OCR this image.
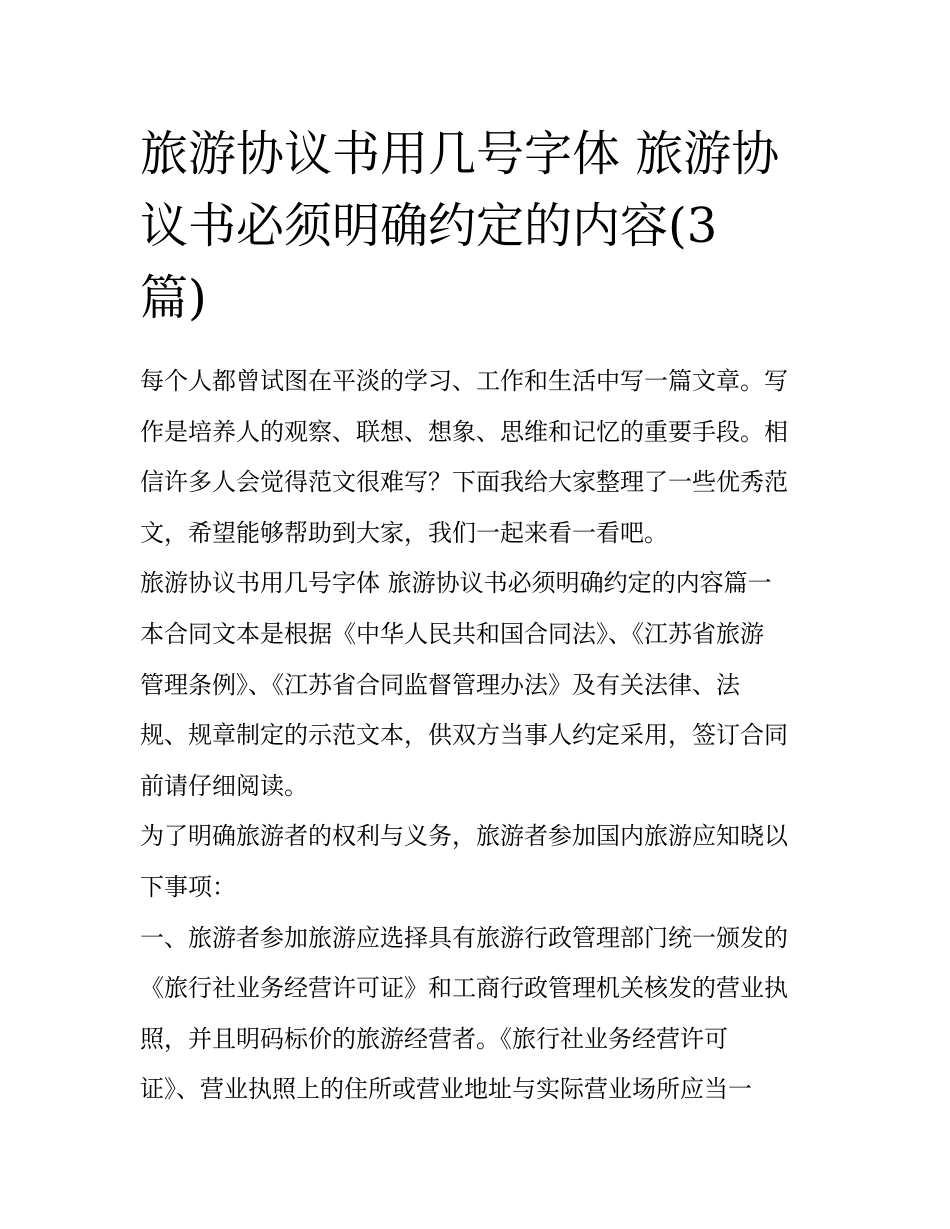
旅游协议书用几号字体 旅游协
议书必须明确约定的内容(3
篇)
每个人都曾试图在平淡的学习、工作和生活中写一篇文章。写
作是培养人的观察、联想、想象、思维和记忆的重要手段。相
信许多人会觉得范文很难写？下面我给大家整理了一些优秀范
文，希望能够帮助到大家，我们一起来看一看吧。
旅游协议书用几号字体 旅游协议书必须明确约定的内容篇一
本合同文本是根据《中华人民共和国合同法》、《江苏省旅游
管理条例》、《江苏省合同监督管理办法》及有关法律、法
规、规章制定的示范文本，供双方当事人约定采用，签订合同
前请仔细阅读。
为了明确旅游者的权利与义务，旅游者参加国内旅游应知晓以
下事项：
一、旅游者参加旅游应选择具有旅游行政管理部门统一颁发的
《旅行社业务经营许可证》和工商行政管理机关核发的营业执
照，并且明码标价的旅游经营者。《旅行社业务经营许可
证》、营业执照上的住所或营业地址与实际营业场所应当一
